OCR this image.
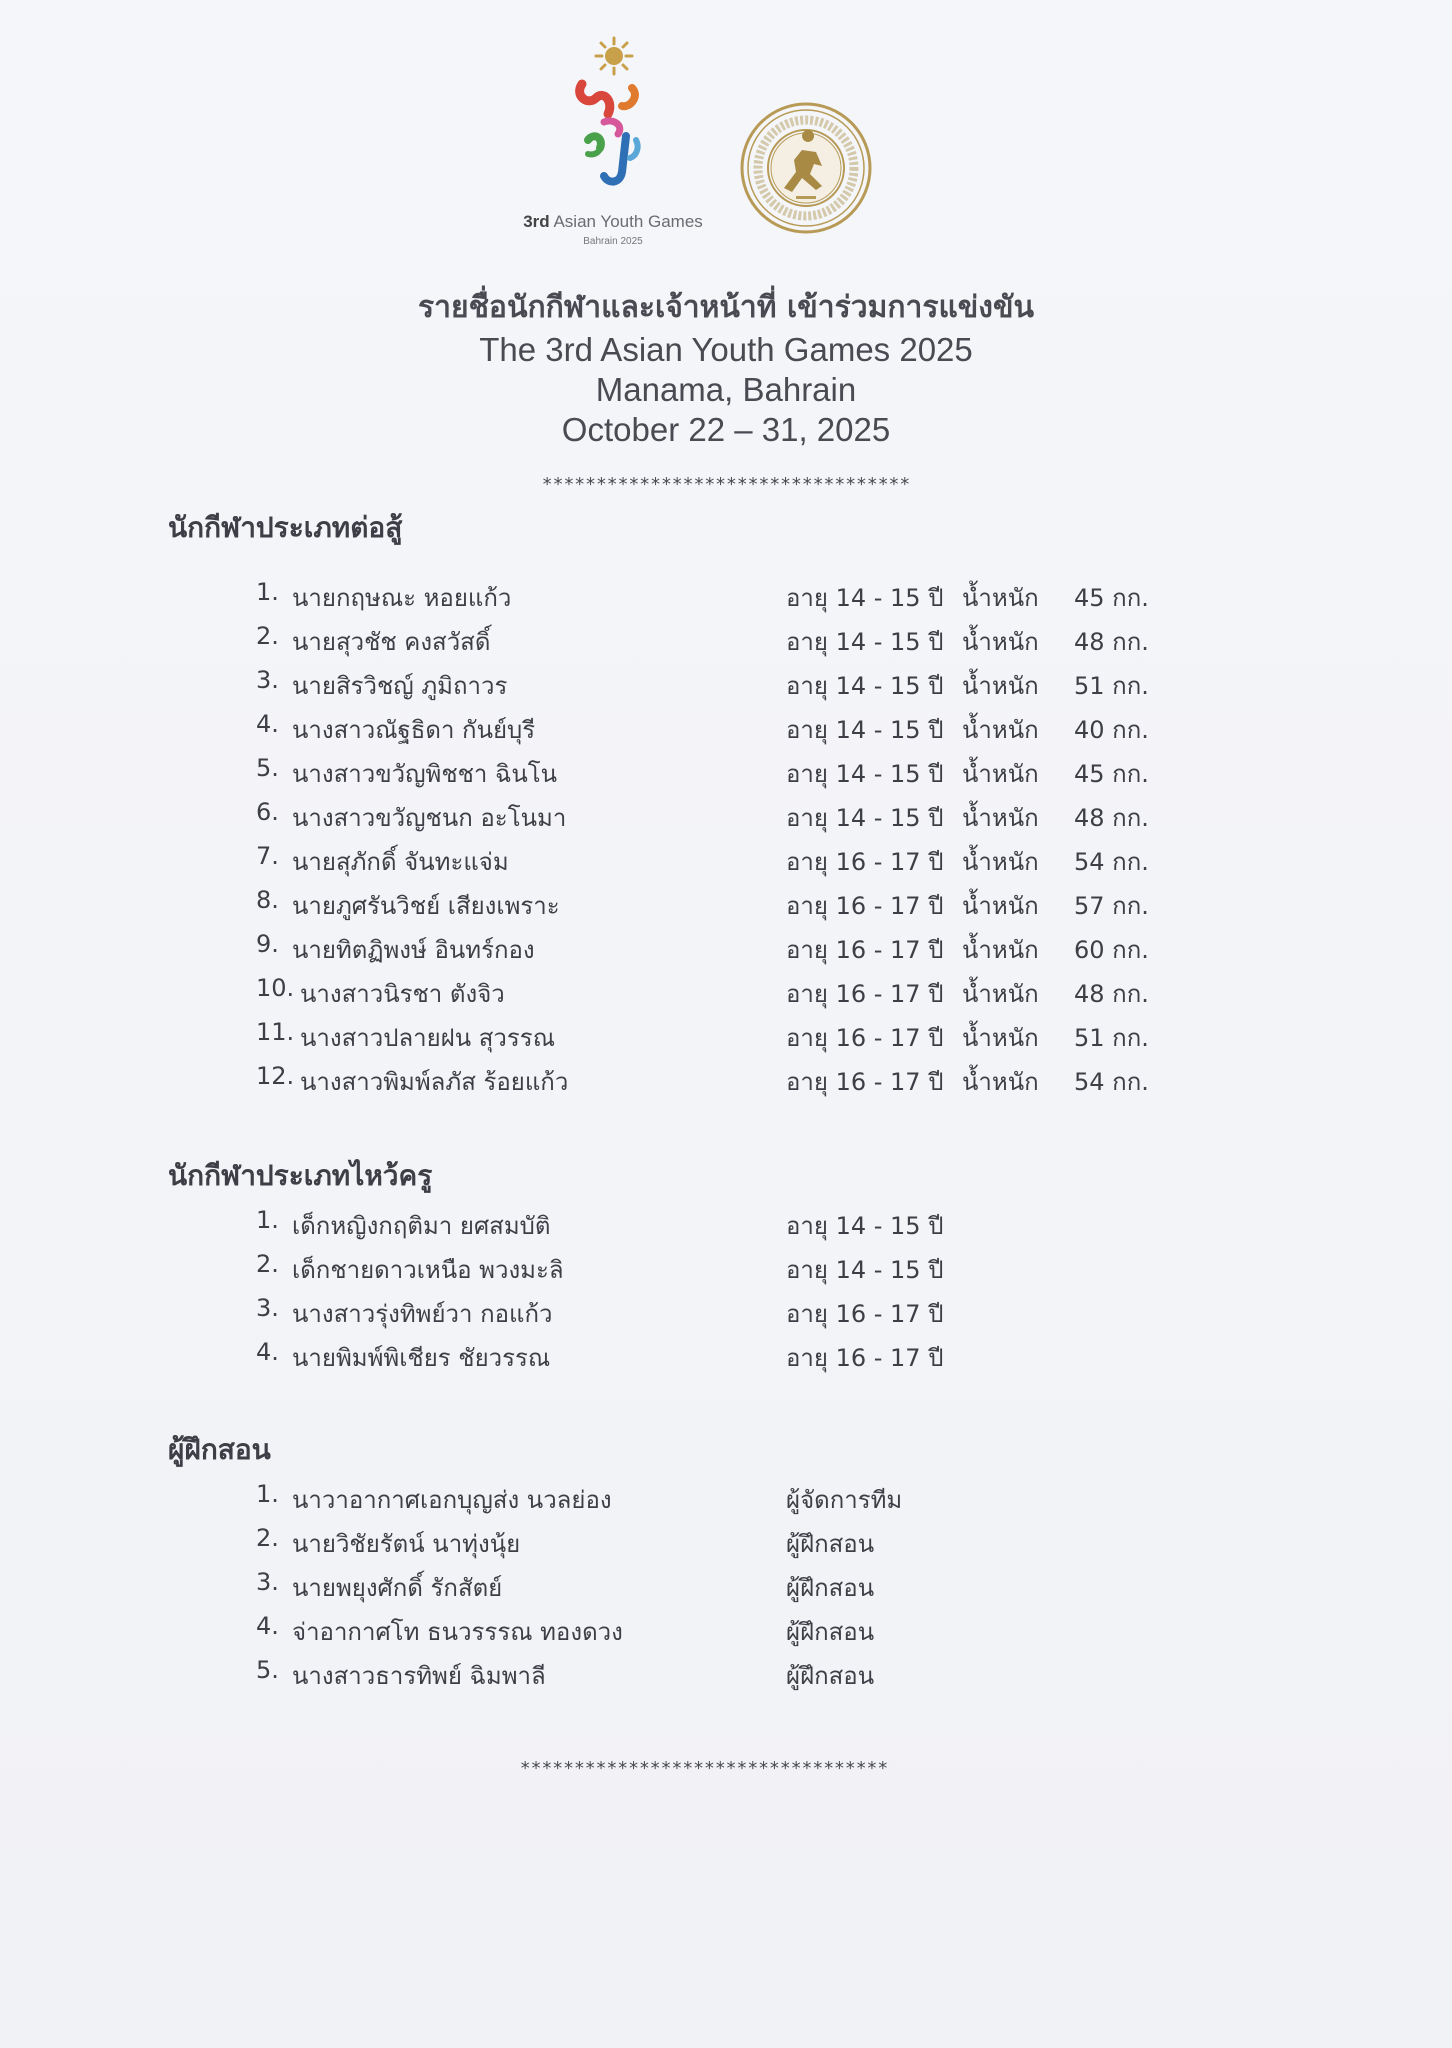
3rd Asian Youth Games
Bahrain 2025
รายชื่อนักกีฬาและเจ้าหน้าที่ เข้าร่วมการแข่งขัน
The 3rd Asian Youth Games 2025
Manama, Bahrain
October 22 – 31, 2025
**********************************
นักกีฬาประเภทต่อสู้
1. นายกฤษณะ หอยแก้ว	อายุ 14 - 15 ปี น้ำหนัก 45 กก.
2. นายสุวชัช คงสวัสดิ์	อายุ 14 - 15 ปี น้ำหนัก 48 กก.
3. นายสิรวิชญ์ ภูมิถาวร	อายุ 14 - 15 ปี น้ำหนัก 51 กก.
4. นางสาวณัฐธิดา กันย์บุรี	อายุ 14 - 15 ปี น้ำหนัก 40 กก.
5. นางสาวขวัญพิชชา ฉินโน	อายุ 14 - 15 ปี น้ำหนัก 45 กก.
6. นางสาวขวัญชนก อะโนมา	อายุ 14 - 15 ปี น้ำหนัก 48 กก.
7. นายสุภักดิ์ จันทะแจ่ม	อายุ 16 - 17 ปี น้ำหนัก 54 กก.
8. นายภูศรันวิชย์ เสียงเพราะ	อายุ 16 - 17 ปี น้ำหนัก 57 กก.
9. นายทิตฏิพงษ์ อินทร์กอง	อายุ 16 - 17 ปี น้ำหนัก 60 กก.
10. นางสาวนิรชา ตังจิว	อายุ 16 - 17 ปี น้ำหนัก 48 กก.
11. นางสาวปลายฝน สุวรรณ	อายุ 16 - 17 ปี น้ำหนัก 51 กก.
12. นางสาวพิมพ์ลภัส ร้อยแก้ว	อายุ 16 - 17 ปี น้ำหนัก 54 กก.
นักกีฬาประเภทไหว้ครู
1. เด็กหญิงกฤติมา ยศสมบัติ	อายุ 14 - 15 ปี
2. เด็กชายดาวเหนือ พวงมะลิ	อายุ 14 - 15 ปี
3. นางสาวรุ่งทิพย์วา กอแก้ว	อายุ 16 - 17 ปี
4. นายพิมพ์พิเชียร ชัยวรรณ	อายุ 16 - 17 ปี
ผู้ฝึกสอน
1. นาวาอากาศเอกบุญส่ง นวลย่อง	ผู้จัดการทีม
2. นายวิชัยรัตน์ นาทุ่งนุ้ย	ผู้ฝึกสอน
3. นายพยุงศักดิ์ รักสัตย์	ผู้ฝึกสอน
4. จ่าอากาศโท ธนวรรรณ ทองดวง	ผู้ฝึกสอน
5. นางสาวธารทิพย์ ฉิมพาลี	ผู้ฝึกสอน
**********************************
